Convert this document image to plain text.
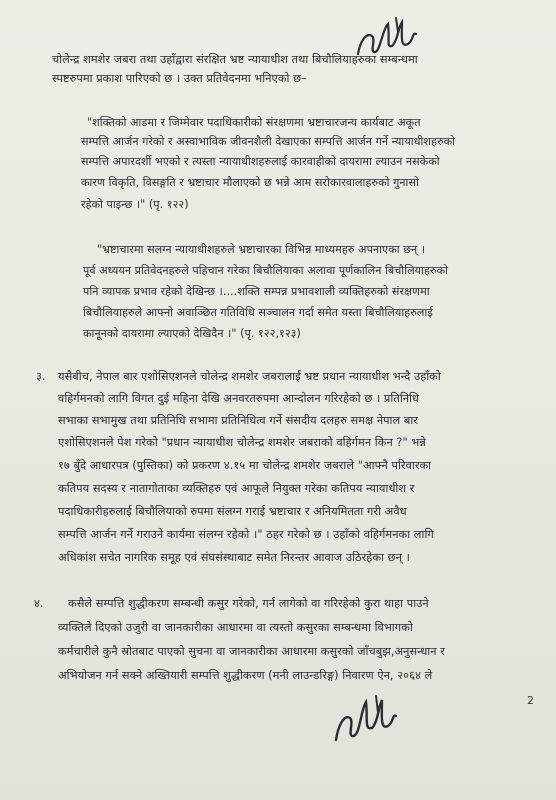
चोलेन्द्र शमशेर जबरा तथा उहाँद्वारा संरक्षित भ्रष्ट न्यायाधीश तथा बिचौलियाहरुका सम्बन्धमा
स्पष्टरुपमा प्रकाश पारिएको छ । उक्त प्रतिवेदनमा भनिएको छ–
"शक्तिको आडमा र जिम्मेवार पदाधिकारीको संरक्षणमा भ्रष्टाचारजन्य कार्यबाट अकूत
सम्पत्ति आर्जन गरेको र अस्वाभाविक जीवनशैली देखाएका सम्पत्ति आर्जन गर्ने न्यायाधीशहरुको
सम्पत्ति अपारदर्शी भएको र त्यस्ता न्यायाधीशहरुलाई कारवाहीको दायरामा ल्याउन नसकेको
कारण विकृति, विसङ्गति र भ्रष्टाचार मौलाएको छ भन्ने आम सरोकारवालाहरुको गुनासो
रहेको पाइन्छ ।" (पृ. १२२)
"भ्रष्टाचारमा सलग्न न्यायाधीशहरुले भ्रष्टाचारका विभिन्न माध्यमहरु अपनाएका छन् ।
पूर्व अध्ययन प्रतिवेदनहरुले पहिचान गरेका बिचौलियाका अलावा पूर्णकालिन बिचौलियाहरुको
पनि व्यापक प्रभाव रहेको देखिन्छ ।....शक्ति सम्पन्न प्रभावशाली व्यक्तिहरुको संरक्षणमा
बिचौलियाहरुले आफ्नो अवाञ्छित गतिविधि सञ्चालन गर्दा समेत यस्ता बिचौलियाहरुलाई
कानूनको दायरामा ल्याएको देखिदैन ।" (पृ. १२२,१२३)
३. यसैबीच, नेपाल बार एशोसिएशनले चोलेन्द्र शमशेर जबरालाई भ्रष्ट प्रधान न्यायाधीश भन्दै उहाँको
वहिर्गमनको लागि विगत दुई महिना देखि अनवरतरुपमा आन्दोलन गरिरहेको छ । प्रतिनिधि
सभाका सभामुख तथा प्रतिनिधि सभामा प्रतिनिधित्व गर्ने संसदीय दलहरु समक्ष नेपाल बार
एशोसिएशनले पेश गरेको "प्रधान न्यायाधीश चोलेन्द्र शमशेर जबराको वहिर्गमन किन ?" भन्ने
१७ बुँदे आधारपत्र (पुस्तिका) को प्रकरण ४.१५ मा चोलेन्द्र शमशेर जबराले "आफ्नै परिवारका
कतिपय सदस्य र नातागोताका व्यक्तिहरु एवं आफूले नियुक्त गरेका कतिपय न्यायाधीश र
पदाधिकारीहरुलाई बिचौलियाको रुपमा संलग्न गराई भ्रष्टाचार र अनियमितता गरी अवैध
सम्पत्ति आर्जन गर्ने गराउने कार्यमा संलग्न रहेको ।" ठहर गरेको छ । उहाँको वहिर्गमनका लागि
अधिकांश सचेत नागरिक समूह एवं संघसंस्थाबाट समेत निरन्तर आवाज उठिरहेका छन् ।
४. कसैले सम्पत्ति शुद्धीकरण सम्बन्धी कसुर गरेको, गर्न लागेको वा गरिरहेको कुरा थाहा पाउने
व्यक्तिले दिएको उजुरी वा जानकारीका आधारमा वा त्यस्तो कसुरका सम्बन्धमा विभागको
कर्मचारीले कुनै स्रोतबाट पाएको सुचना वा जानकारीका आधारमा कसुरको जाँचबुझ,अनुसन्धान र
अभियोजन गर्न सक्ने अख्तियारी सम्पत्ति शुद्धीकरण (मनी लाउन्डरिङ्ग) निवारण ऐन, २०६४ ले
2
